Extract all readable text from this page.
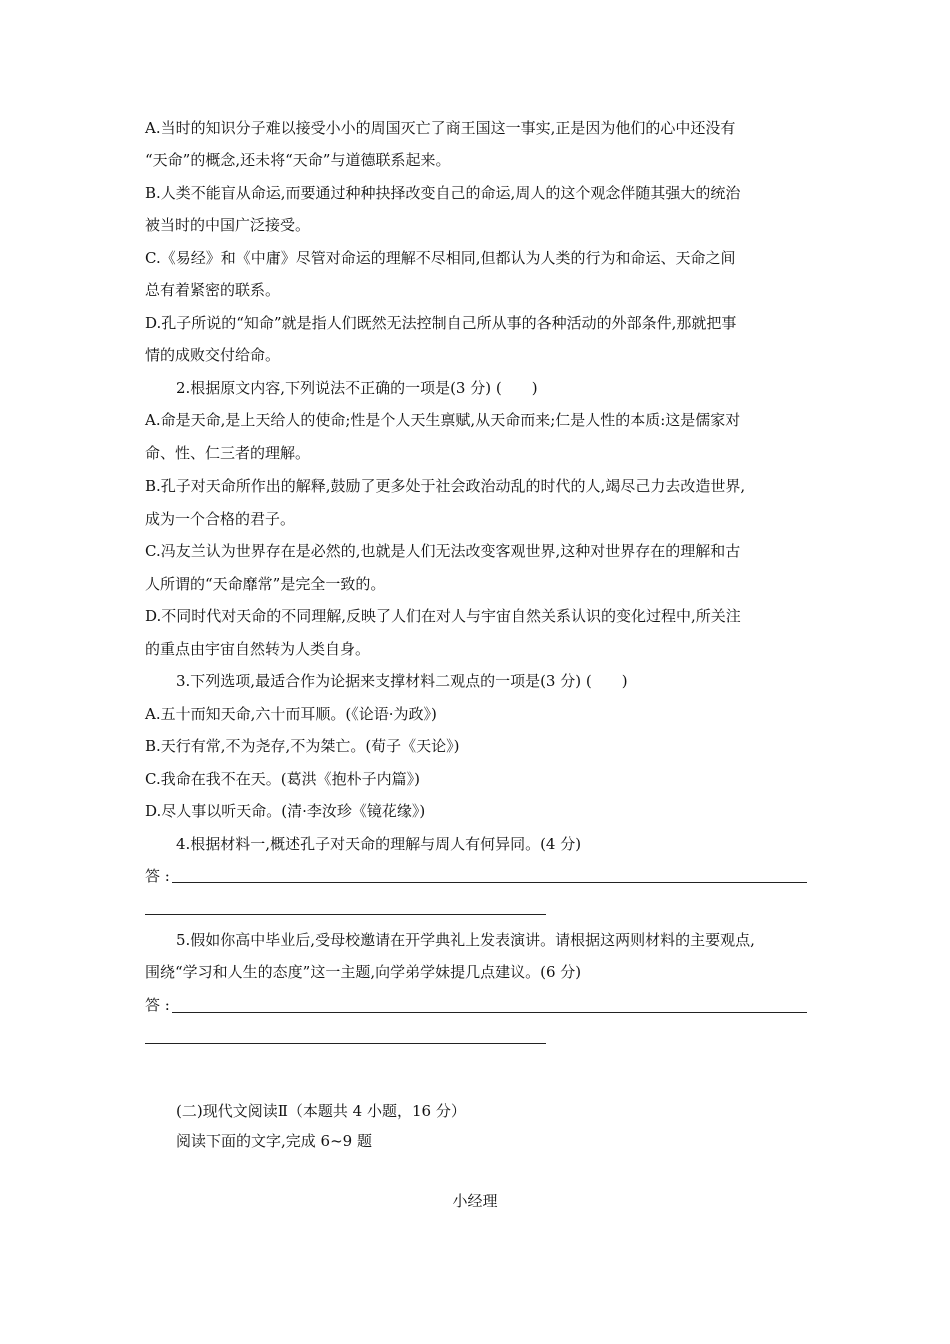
A.当时的知识分子难以接受小小的周国灭亡了商王国这一事实,正是因为他们的心中还没有
“天命”的概念,还未将“天命”与道德联系起来。
B.人类不能盲从命运,而要通过种种抉择改变自己的命运,周人的这个观念伴随其强大的统治
被当时的中国广泛接受。
C.《易经》和《中庸》尽管对命运的理解不尽相同,但都认为人类的行为和命运、天命之间
总有着紧密的联系。
D.孔子所说的“知命”就是指人们既然无法控制自己所从事的各种活动的外部条件,那就把事
情的成败交付给命。
2.根据原文内容,下列说法不正确的一项是(3 分) (　　)
A.命是天命,是上天给人的使命;性是个人天生禀赋,从天命而来;仁是人性的本质:这是儒家对
命、性、仁三者的理解。
B.孔子对天命所作出的解释,鼓励了更多处于社会政治动乱的时代的人,竭尽己力去改造世界,
成为一个合格的君子。
C.冯友兰认为世界存在是必然的,也就是人们无法改变客观世界,这种对世界存在的理解和古
人所谓的“天命靡常”是完全一致的。
D.不同时代对天命的不同理解,反映了人们在对人与宇宙自然关系认识的变化过程中,所关注
的重点由宇宙自然转为人类自身。
3.下列选项,最适合作为论据来支撑材料二观点的一项是(3 分) (　　)
A.五十而知天命,六十而耳顺。(《论语·为政》)
B.天行有常,不为尧存,不为桀亡。(荀子《天论》)
C.我命在我不在天。(葛洪《抱朴子内篇》)
D.尽人事以听天命。(清·李汝珍《镜花缘》)
4.根据材料一,概述孔子对天命的理解与周人有何异同。(4 分)
答 :
5.假如你高中毕业后,受母校邀请在开学典礼上发表演讲。请根据这两则材料的主要观点,
围绕“学习和人生的态度”这一主题,向学弟学妹提几点建议。(6 分)
答 :
(二)现代文阅读Ⅱ（本题共 4 小题，16 分）
阅读下面的文字,完成 6~9 题
小经理
